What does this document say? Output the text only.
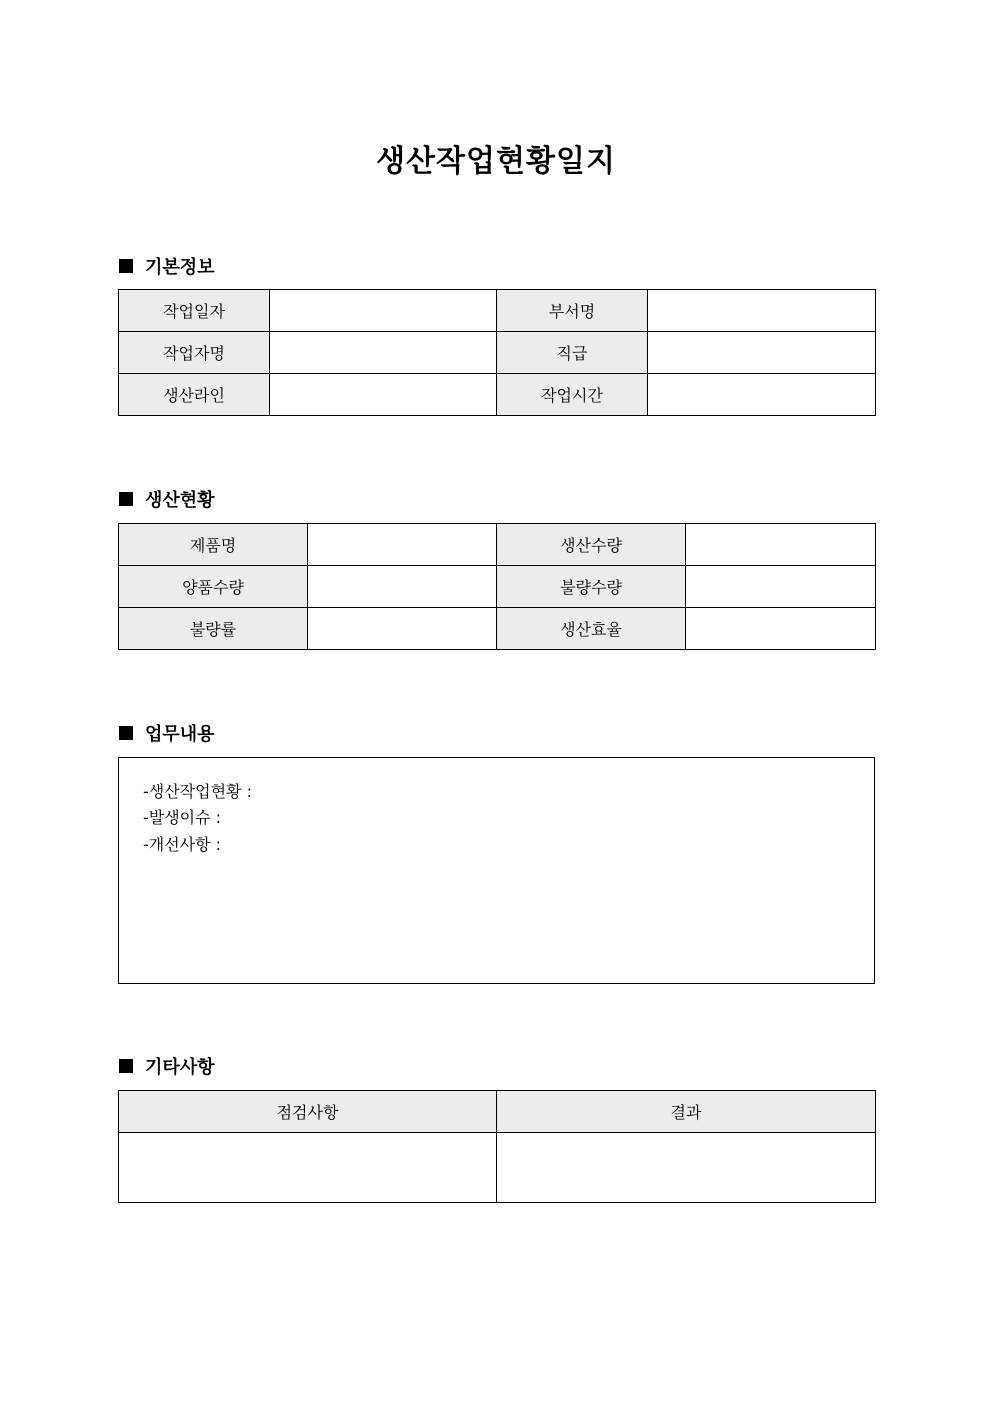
생산작업현황일지
기본정보
작업일자		부서명	
작업자명		직급	
생산라인		작업시간	
생산현황
제품명		생산수량	
양품수량		불량수량	
불량률		생산효율	
업무내용
-생산작업현황 :
-발생이슈 :
-개선사항 :
기타사항
점검사항	결과
